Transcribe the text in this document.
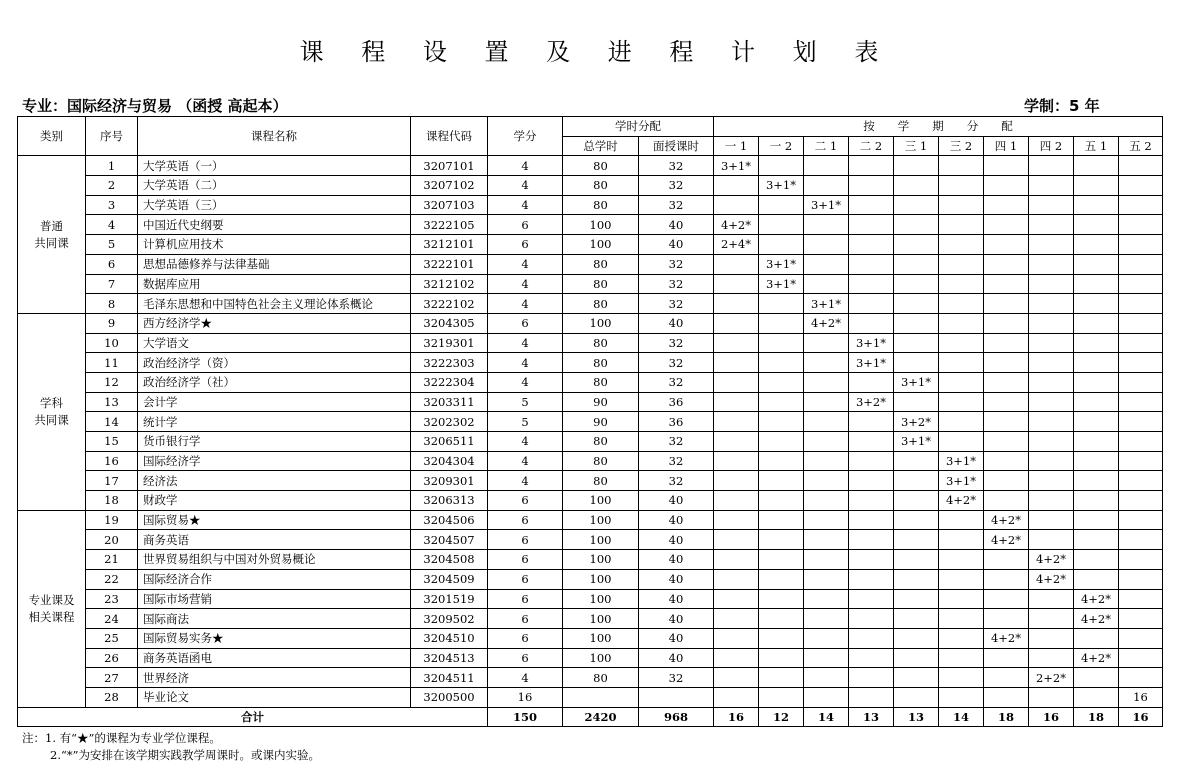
课 程 设 置 及 进 程 计 划 表
专业：国际经济与贸易 （函授 高起本）	学制：5 年
类别	序号	课程名称	课程代码	学分	学时分配		按　　学　　期　　分　　配									
					总学时	面授课时	一 1	一 2	二 1	二 2	三 1	三 2	四 1	四 2	五 1	五 2

普通
共同课	1	大学英语（一）	3207101	4	80	32	3+1*									
	2	大学英语（二）	3207102	4	80	32		3+1*								
	3	大学英语（三）	3207103	4	80	32			3+1*							
	4	中国近代史纲要	3222105	6	100	40	4+2*									
	5	计算机应用技术	3212101	6	100	40	2+4*									
	6	思想品德修养与法律基础	3222101	4	80	32		3+1*								
	7	数据库应用	3212102	4	80	32		3+1*								
	8	毛泽东思想和中国特色社会主义理论体系概论	3222102	4	80	32			3+1*							

学科
共同课	9	西方经济学★	3204305	6	100	40			4+2*							
	10	大学语文	3219301	4	80	32				3+1*						
	11	政治经济学（资）	3222303	4	80	32				3+1*						
	12	政治经济学（社）	3222304	4	80	32					3+1*					
	13	会计学	3203311	5	90	36				3+2*						
	14	统计学	3202302	5	90	36					3+2*					
	15	货币银行学	3206511	4	80	32					3+1*					
	16	国际经济学	3204304	4	80	32						3+1*				
	17	经济法	3209301	4	80	32						3+1*				
	18	财政学	3206313	6	100	40						4+2*				

专业课及
相关课程	19	国际贸易★	3204506	6	100	40							4+2*			
	20	商务英语	3204507	6	100	40							4+2*			
	21	世界贸易组织与中国对外贸易概论	3204508	6	100	40								4+2*		
	22	国际经济合作	3204509	6	100	40								4+2*		
	23	国际市场营销	3201519	6	100	40									4+2*	
	24	国际商法	3209502	6	100	40									4+2*	
	25	国际贸易实务★	3204510	6	100	40							4+2*			
	26	商务英语函电	3204513	6	100	40									4+2*	
	27	世界经济	3204511	4	80	32								2+2*		
	28	毕业论文	3200500	16												16
合计				150	2420	968	16	12	14	13	13	14	18	16	18	16
注：1. 有“★”的课程为专业学位课程。
2.“*”为安排在该学期实践教学周课时。或课内实验。
